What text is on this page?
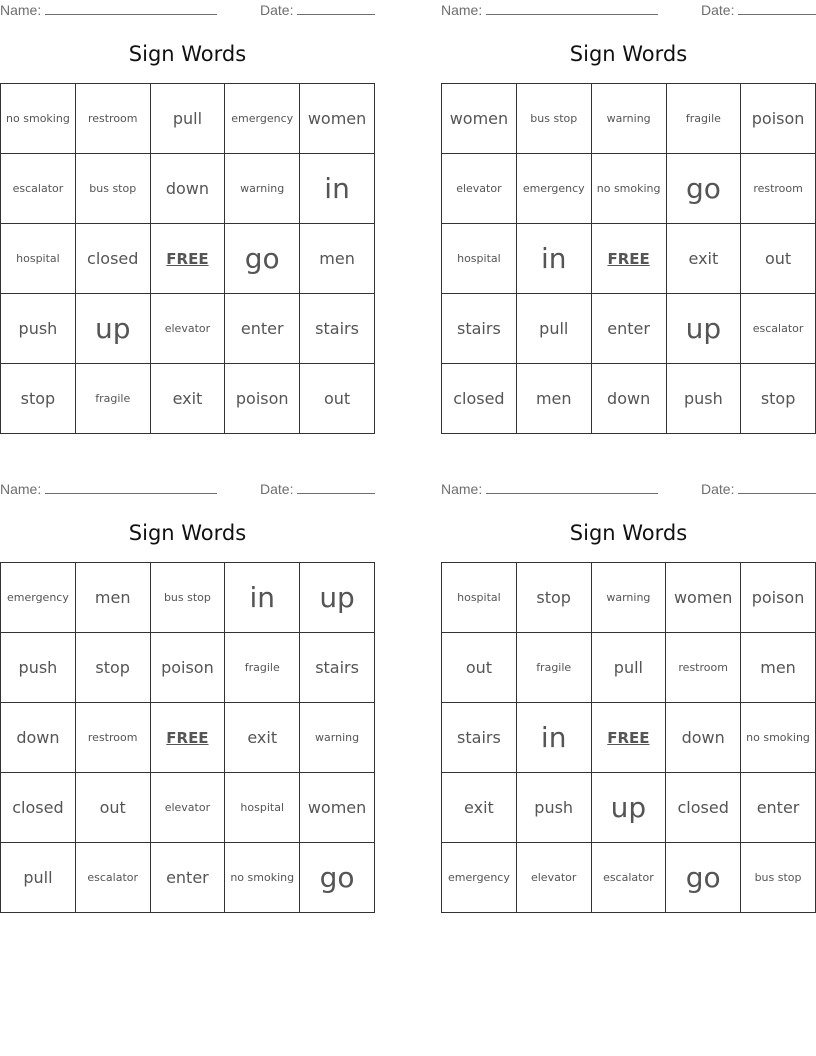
Name:	Date:
Sign Words
no smoking	restroom	pull	emergency	women
escalator	bus stop	down	warning	in
hospital	closed	FREE	go	men
push	up	elevator	enter	stairs
stop	fragile	exit	poison	out
Name:	Date:
Sign Words
women	bus stop	warning	fragile	poison
elevator	emergency	no smoking	go	restroom
hospital	in	FREE	exit	out
stairs	pull	enter	up	escalator
closed	men	down	push	stop
Name:	Date:
Sign Words
emergency	men	bus stop	in	up
push	stop	poison	fragile	stairs
down	restroom	FREE	exit	warning
closed	out	elevator	hospital	women
pull	escalator	enter	no smoking	go
Name:	Date:
Sign Words
hospital	stop	warning	women	poison
out	fragile	pull	restroom	men
stairs	in	FREE	down	no smoking
exit	push	up	closed	enter
emergency	elevator	escalator	go	bus stop
